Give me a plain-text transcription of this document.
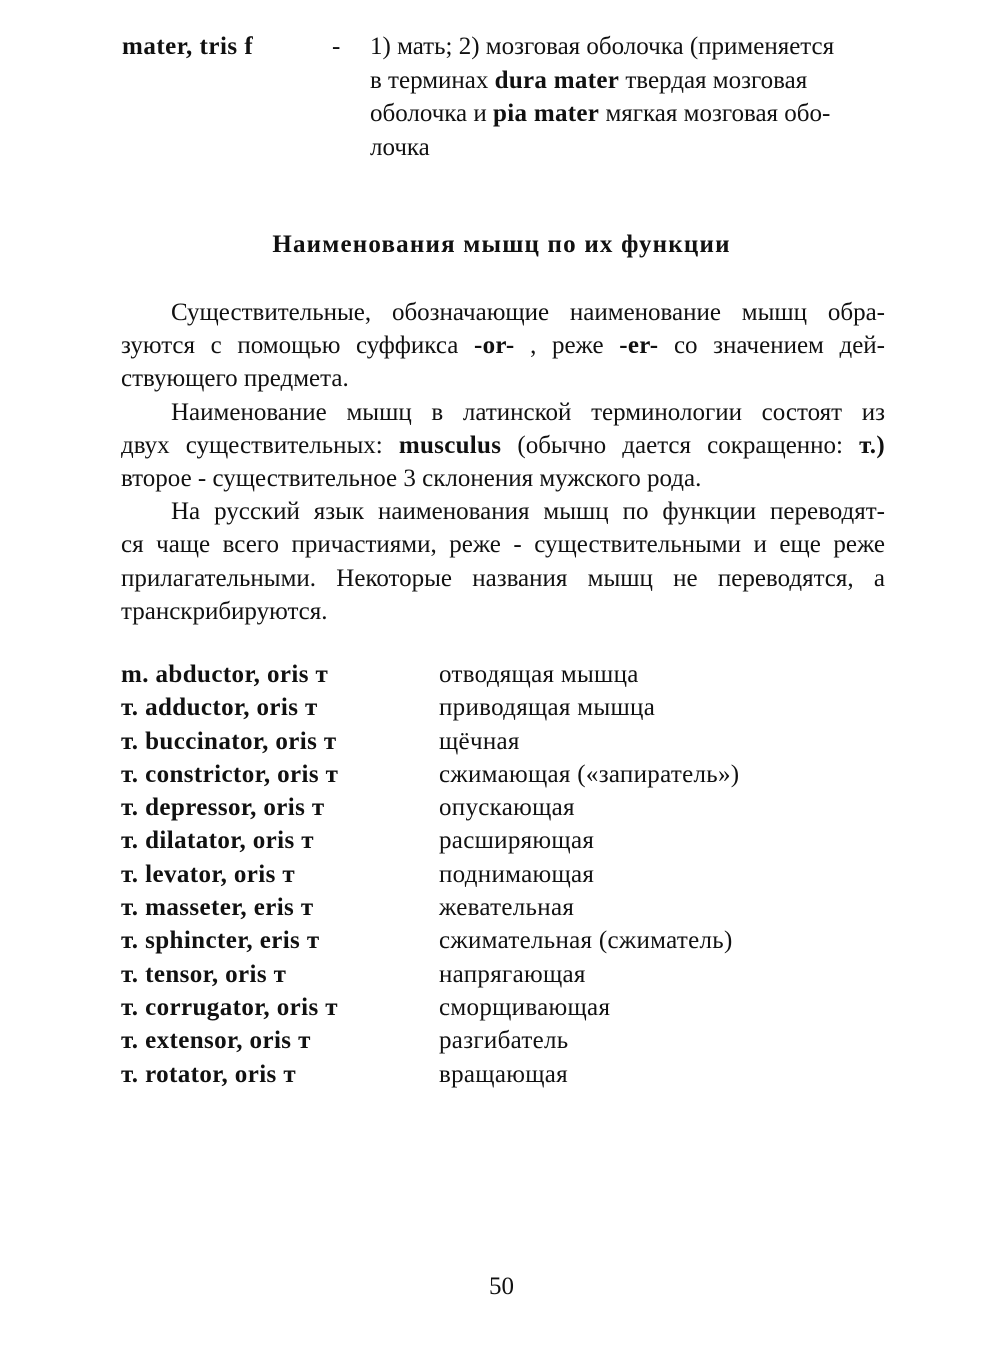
mater, tris f	- 1) мать; 2) мозговая оболочка (применяется
в терминах dura mater твердая мозговая
оболочка и pia mater мягкая мозговая обо-
лочка
Наименования мышц по их функции
Существительные, обозначающие наименование мышц обра-
зуются с помощью суффикса -or- , реже -er- со значением дей-
ствующего предмета.
Наименование мышц в латинской терминологии состоят из
двух существительных: musculus (обычно дается сокращенно: т.)
второе - существительное 3 склонения мужского рода.
На русский язык наименования мышц по функции переводят-
ся чаще всего причастиями, реже - существительными и еще реже
прилагательными. Некоторые названия мышц не переводятся, а
транскрибируются.
m. abductor, oris т	отводящая мышца
т. adductor, oris т	приводящая мышца
т. buccinator, oris т	щёчная
т. constrictor, oris т	сжимающая («запиратель»)
т. depressor, oris т	опускающая
т. dilatator, oris т	расширяющая
т. levator, oris т	поднимающая
т. masseter, eris т	жевательная
т. sphincter, eris т	сжимательная (сжиматель)
т. tensor, oris т	напрягающая
т. corrugator, oris т	сморщивающая
т. extensor, oris т	разгибатель
т. rotator, oris т	вращающая
50
